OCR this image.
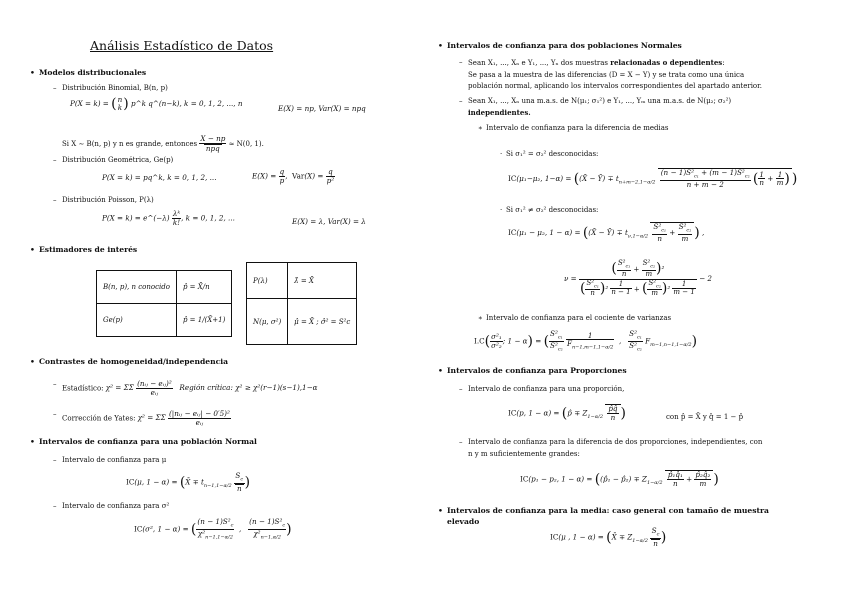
Análisis Estadístico de Datos
• Modelos distribucionales
– Distribución Binomial, B(n, p)
P(X = k) = ( n
k ) p^k q^(n−k), k = 0, 1, 2, ..., n
E(X) = np, Var(X) = npq
Si X ∼ B(n, p) y n es grande, entonces $\frac{X - np}{\text{npq}} \approx N(0$, 1).
– Distribución Geométrica, Ge(p)
P(X = k) = pq^k, k = 0, 1, 2, ...	$E(X) = \frac{q}{p}$ ,  $Var(X) = \frac{q}{\text{p²}}$
– Distribución Poisson, P(λ)
P(X = k) = e^(−λ) $\frac{\text{λᵏ}}{k!}$ , k = 0, 1, 2, ...	E(X) = λ, Var(X) = λ
• Estimadores de interés
B(n, p), n conocido	p̂ = X̄/n
Ge(p)	p̂ = 1/(X̄+1)
P(λ)	λ̂ = X̄
N(μ, σ²)	μ̂ = X̄ ; σ̂² = S²c
• Contrastes de homogeneidad/independencia
– Estadístico: χ² = ΣΣ $\frac{\text{(nᵢⱼ − eᵢⱼ)²}}{\text{eᵢⱼ}}$ Región crítica: χ² ≥ χ²(r−1)(s−1),1−α
– Corrección de Yates: χ² = ΣΣ $\frac{\text{(|nᵢⱼ − eᵢⱼ| − 0′5)²}}{\text{eᵢⱼ}}$
• Intervalos de confianza para una población Normal
– Intervalo de confianza para μ
IC(μ, 1 − α) = (X̄ ∓ $t_{n-1,1-\alpha/2} \frac{S_c}{n}$ )
– Intervalo de confianza para σ²
IC(σ², 1 − α) = ( $\frac{(n - 1)S^2_c}{\chi^2_{n-1,1-\alpha/2}}$ , $\frac{(n - 1)S^2_c}{\chi^2_{n-1,\alpha/2}}$ )
• Intervalos de confianza para dos poblaciones Normales
– Sean X₁, ..., Xₙ e Y₁, ..., Yₙ dos muestras relacionadas o dependientes:
Se pasa a la muestra de las diferencias (D = X − Y) y se trata como una única
población normal, aplicando los intervalos correspondientes del apartado anterior.
– Sean X₁, ..., Xₙ una m.a.s. de N(μ₁; σ₁²) e Y₁, ..., Yₘ una m.a.s. de N(μ₂; σ₂²)
independientes.
∗ Intervalo de confianza para la diferencia de medias
· Si σ₁² = σ₂² desconocidas:
IC(μ₁−μ₂, 1−α) = ((X̄ − Ȳ) ∓ $t_{n+m-2,1-\alpha/2} \frac{(n - 1)S^2_{c_1} + (m - 1)S^2_{c_2}}{n + m - 2}$ ( $\frac{1}{n} + \frac{1}{m}$ ) )
· Si σ₁² ≠ σ₂² desconocidas:
IC(μ₁ − μ₂, 1 − α) = ((X̄ − Ȳ) ∓ $t_{\nu,1-\alpha/2} \frac{S^2_{c_1}}{n} + \frac{S^2_{c_2}}{m}$ ) ,
$\nu = \frac{( \frac{S^2_{c_1}}{n} + \frac{S^2_{c_2}}{m} )^2}{( \frac{S^2_{c_1}}{n} )^2 \frac{1}{n - 1} + ( \frac{S^2_{c_2}}{m} )^2 \frac{1}{m - 1}} - 2$
∗ Intervalo de confianza para el cociente de varianzas
$I.C( \frac{\text{σ²₁}}{\text{σ²₂}}$ ; 1 − α) = ( $\frac{S^2_{c_1}}{S^2_{c_2}}$
$\frac{1}{F_{n-1,m-1,1-\alpha/2}}$ , $\frac{S^2_{c_1}}{S^2_{c_2}} F_{m-1,n-1,1-\alpha/2}$)
• Intervalos de confianza para Proporciones
– Intervalo de confianza para una proporción,
IC(p, 1 − α) = (p̂ ∓ $Z_{1-\alpha/2} \frac{p̂q̂}{n}$ )	con p̂ = X̄ y q̂ = 1 − p̂
– Intervalo de confianza para la diferencia de dos proporciones, independientes, con
n y m suficientemente grandes:
IC(p₁ − p₂, 1 − α) = ((p̂₁ − p̂₂) ∓ $Z_{1-\alpha/2} \frac{\text{p̂₁q̂₁}}{n} + \frac{\text{p̂₂q̂₂}}{m}$ )
• Intervalos de confianza para la media: caso general con tamaño de muestra
elevado
IC(μ , 1 − α) = (X̄ ∓ $Z_{1-\alpha/2} \frac{S_c}{n}$ )
